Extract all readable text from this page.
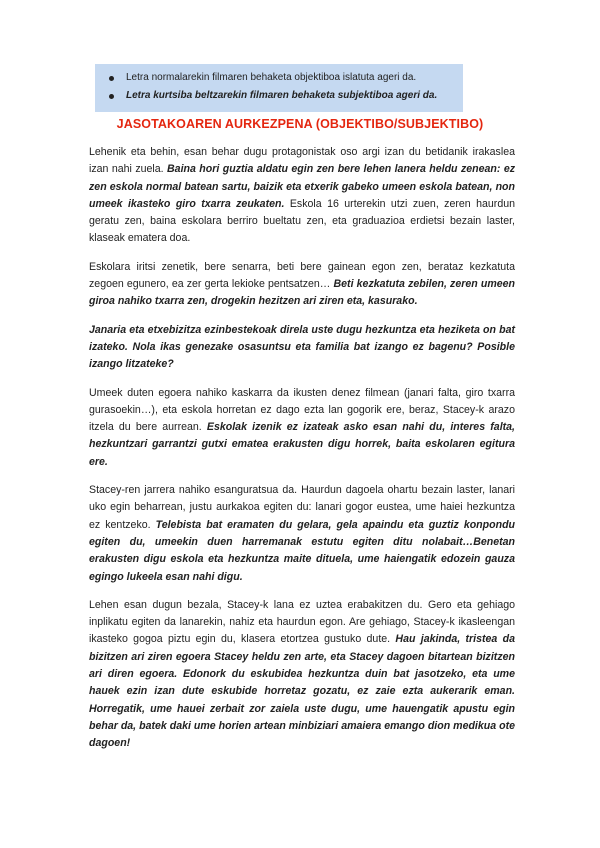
Letra normalarekin filmaren behaketa objektiboa islatuta ageri da.
Letra kurtsiba beltzarekin filmaren behaketa subjektiboa ageri da.
JASOTAKOAREN AURKEZPENA (OBJEKTIBO/SUBJEKTIBO)

Lehenik eta behin, esan behar dugu protagonistak oso argi izan du betidanik irakaslea izan nahi zuela. Baina hori guztia aldatu egin zen bere lehen lanera heldu zenean: ez zen eskola normal batean sartu, baizik eta etxerik gabeko umeen eskola batean, non umeek ikasteko giro txarra zeukaten. Eskola 16 urterekin utzi zuen, zeren haurdun geratu zen, baina eskolara berriro bueltatu zen, eta graduazioa erdietsi bezain laster, klaseak ematera doa.

Eskolara iritsi zenetik, bere senarra, beti bere gainean egon zen, berataz kezkatuta zegoen egunero, ea zer gerta lekioke pentsatzen… Beti kezkatuta zebilen, zeren umeen giroa nahiko txarra zen, drogekin hezitzen ari ziren eta, kasurako.

Janaria eta etxebizitza ezinbestekoak direla uste dugu hezkuntza eta heziketa on bat izateko. Nola ikas genezake osasuntsu eta familia bat izango ez bagenu? Posible izango litzateke?

Umeek duten egoera nahiko kaskarra da ikusten denez filmean (janari falta, giro txarra gurasoekin…), eta eskola horretan ez dago ezta lan gogorik ere, beraz, Stacey-k arazo itzela du bere aurrean. Eskolak izenik ez izateak asko esan nahi du, interes falta, hezkuntzari garrantzi gutxi ematea erakusten digu horrek, baita eskolaren egitura ere.

Stacey-ren jarrera nahiko esanguratsua da. Haurdun dagoela ohartu bezain laster, lanari uko egin beharrean, justu aurkakoa egiten du: lanari gogor eustea, ume haiei hezkuntza ez kentzeko. Telebista bat eramaten du gelara, gela apaindu eta guztiz konpondu egiten du, umeekin duen harremanak estutu egiten ditu nolabait…Benetan erakusten digu eskola eta hezkuntza maite dituela, ume haiengatik edozein gauza egingo lukeela esan nahi digu.

Lehen esan dugun bezala, Stacey-k lana ez uztea erabakitzen du. Gero eta gehiago inplikatu egiten da lanarekin, nahiz eta haurdun egon. Are gehiago, Stacey-k ikasleengan ikasteko gogoa piztu egin du, klasera etortzea gustuko dute. Hau jakinda, tristea da bizitzen ari ziren egoera Stacey heldu zen arte, eta Stacey dagoen bitartean bizitzen ari diren egoera. Edonork du eskubidea hezkuntza duin bat jasotzeko, eta ume hauek ezin izan dute eskubide horretaz gozatu, ez zaie ezta aukerarik eman. Horregatik, ume hauei zerbait zor zaiela uste dugu, ume hauengatik apustu egin behar da, batek daki ume horien artean minbiziari amaiera emango dion medikua ote dagoen!
